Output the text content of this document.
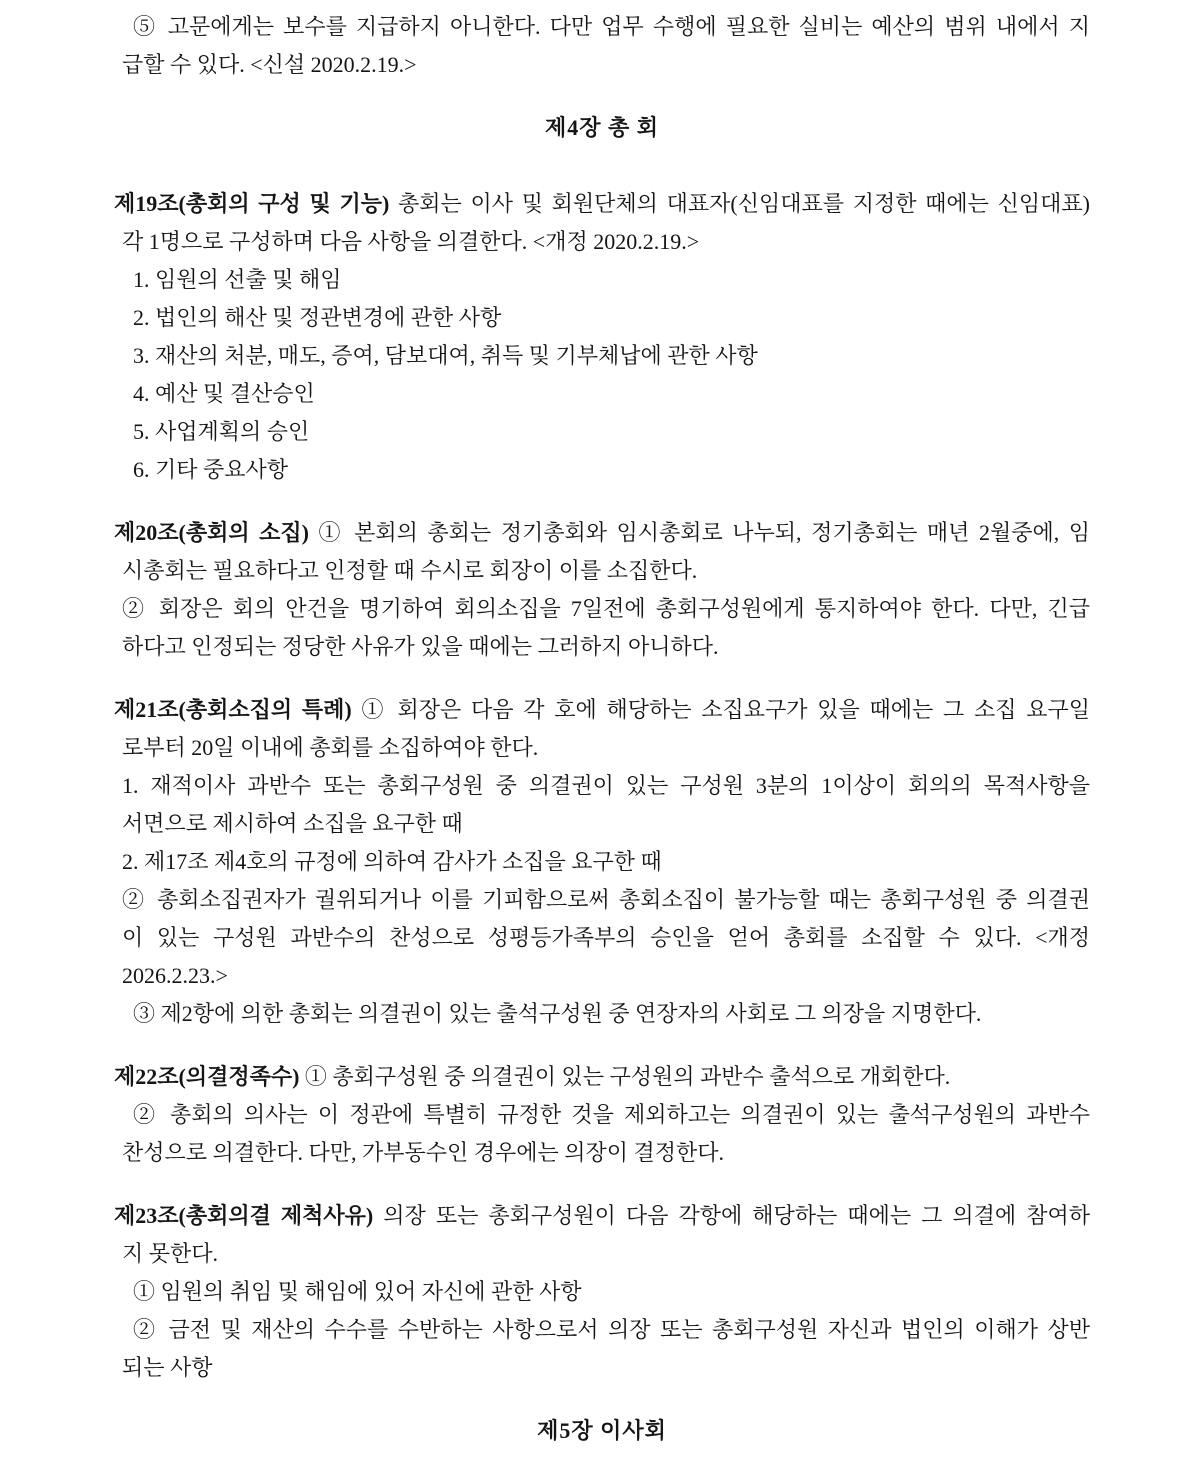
⑤ 고문에게는 보수를 지급하지 아니한다. 다만 업무 수행에 필요한 실비는 예산의 범위 내에서 지
급할 수 있다. <신설 2020.2.19.>
제4장 총 회
제19조(총회의 구성 및 기능) 총회는 이사 및 회원단체의 대표자(신임대표를 지정한 때에는 신임대표)
각 1명으로 구성하며 다음 사항을 의결한다. <개정 2020.2.19.>
1. 임원의 선출 및 해임
2. 법인의 해산 및 정관변경에 관한 사항
3. 재산의 처분, 매도, 증여, 담보대여, 취득 및 기부체납에 관한 사항
4. 예산 및 결산승인
5. 사업계획의 승인
6. 기타 중요사항
제20조(총회의 소집) ① 본회의 총회는 정기총회와 임시총회로 나누되, 정기총회는 매년 2월중에, 임
시총회는 필요하다고 인정할 때 수시로 회장이 이를 소집한다.
② 회장은 회의 안건을 명기하여 회의소집을 7일전에 총회구성원에게 통지하여야 한다. 다만, 긴급
하다고 인정되는 정당한 사유가 있을 때에는 그러하지 아니하다.
제21조(총회소집의 특례) ① 회장은 다음 각 호에 해당하는 소집요구가 있을 때에는 그 소집 요구일
로부터 20일 이내에 총회를 소집하여야 한다.
1. 재적이사 과반수 또는 총회구성원 중 의결권이 있는 구성원 3분의 1이상이 회의의 목적사항을
서면으로 제시하여 소집을 요구한 때
2. 제17조 제4호의 규정에 의하여 감사가 소집을 요구한 때
② 총회소집권자가 궐위되거나 이를 기피함으로써 총회소집이 불가능할 때는 총회구성원 중 의결권
이 있는 구성원 과반수의 찬성으로 성평등가족부의 승인을 얻어 총회를 소집할 수 있다. <개정
2026.2.23.>
③ 제2항에 의한 총회는 의결권이 있는 출석구성원 중 연장자의 사회로 그 의장을 지명한다.
제22조(의결정족수) ① 총회구성원 중 의결권이 있는 구성원의 과반수 출석으로 개회한다.
② 총회의 의사는 이 정관에 특별히 규정한 것을 제외하고는 의결권이 있는 출석구성원의 과반수
찬성으로 의결한다. 다만, 가부동수인 경우에는 의장이 결정한다.
제23조(총회의결 제척사유) 의장 또는 총회구성원이 다음 각항에 해당하는 때에는 그 의결에 참여하
지 못한다.
① 임원의 취임 및 해임에 있어 자신에 관한 사항
② 금전 및 재산의 수수를 수반하는 사항으로서 의장 또는 총회구성원 자신과 법인의 이해가 상반
되는 사항
제5장 이사회
